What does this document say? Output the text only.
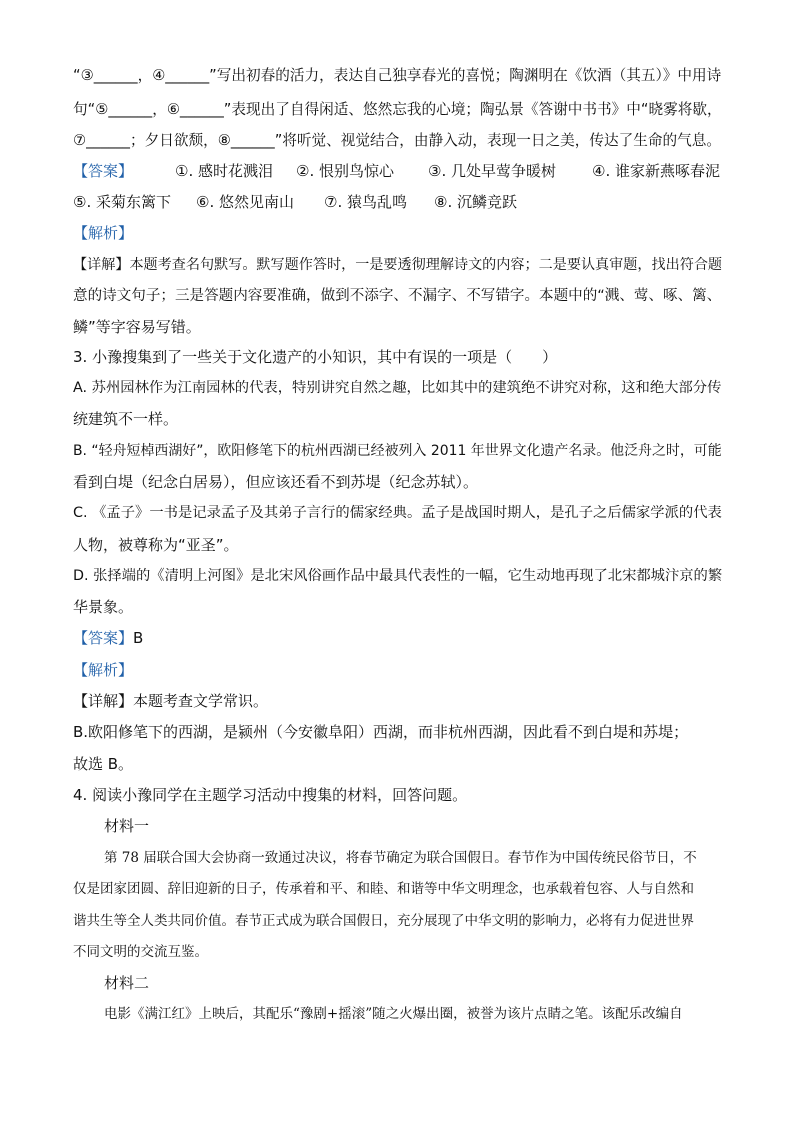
“③______，④______”写出初春的活力，表达自己独享春光的喜悦；陶渊明在《饮酒（其五）》中用诗
句“⑤______，⑥______”表现出了自得闲适、悠然忘我的心境；陶弘景《答谢中书书》中“晓雾将歇，
⑦______；夕日欲颓，⑧______”将听觉、视觉结合，由静入动，表现一日之美，传达了生命的气息。
【答案】	①. 感时花溅泪 ②. 恨别鸟惊心 ③. 几处早莺争暖树 ④. 谁家新燕啄春泥
⑤. 采菊东篱下 ⑥. 悠然见南山 ⑦. 猿鸟乱鸣 ⑧. 沉鳞竞跃
【解析】
【详解】本题考查名句默写。默写题作答时，一是要透彻理解诗文的内容；二是要认真审题，找出符合题
意的诗文句子；三是答题内容要准确，做到不添字、不漏字、不写错字。本题中的“溅、莺、啄、篱、
鳞”等字容易写错。
3. 小豫搜集到了一些关于文化遗产的小知识，其中有误的一项是（　　）
A. 苏州园林作为江南园林的代表，特别讲究自然之趣，比如其中的建筑绝不讲究对称，这和绝大部分传
统建筑不一样。
B. “轻舟短棹西湖好”，欧阳修笔下的杭州西湖已经被列入 2011 年世界文化遗产名录。他泛舟之时，可能
看到白堤（纪念白居易），但应该还看不到苏堤（纪念苏轼）。
C. 《孟子》一书是记录孟子及其弟子言行的儒家经典。孟子是战国时期人，是孔子之后儒家学派的代表
人物，被尊称为“亚圣”。
D. 张择端的《清明上河图》是北宋风俗画作品中最具代表性的一幅，它生动地再现了北宋都城汴京的繁
华景象。
【答案】B
【解析】
【详解】本题考查文学常识。
B.欧阳修笔下的西湖，是颍州（今安徽阜阳）西湖，而非杭州西湖，因此看不到白堤和苏堤；
故选 B。
4. 阅读小豫同学在主题学习活动中搜集的材料，回答问题。
材料一
第 78 届联合国大会协商一致通过决议，将春节确定为联合国假日。春节作为中国传统民俗节日，不
仅是团家团圆、辞旧迎新的日子，传承着和平、和睦、和谐等中华文明理念，也承载着包容、人与自然和
谐共生等全人类共同价值。春节正式成为联合国假日，充分展现了中华文明的影响力，必将有力促进世界
不同文明的交流互鉴。
材料二
电影《满江红》上映后，其配乐“豫剧+摇滚”随之火爆出圈，被誉为该片点睛之笔。该配乐改编自
